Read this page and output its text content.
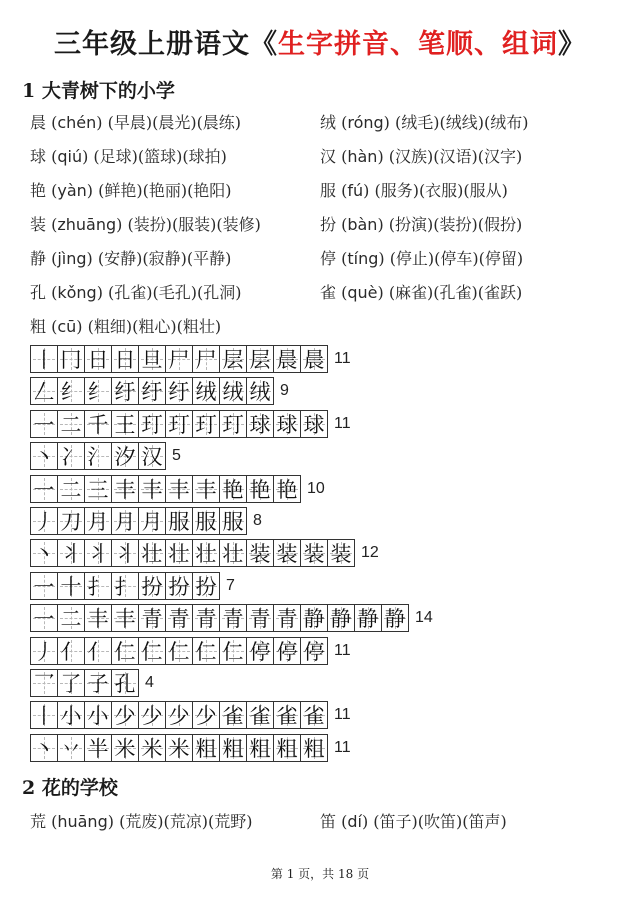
三年级上册语文《生字拼音、笔顺、组词》
1 大青树下的小学
晨 (chén) (早晨)(晨光)(晨练)	绒 (róng) (绒毛)(绒线)(绒布)
球 (qiú) (足球)(篮球)(球拍)	汉 (hàn) (汉族)(汉语)(汉字)
艳 (yàn) (鲜艳)(艳丽)(艳阳)	服 (fú) (服务)(衣服)(服从)
装 (zhuāng) (装扮)(服装)(装修)	扮 (bàn) (扮演)(装扮)(假扮)
静 (jìng) (安静)(寂静)(平静)	停 (tíng) (停止)(停车)(停留)
孔 (kǒng) (孔雀)(毛孔)(孔洞)	雀 (què) (麻雀)(孔雀)(雀跃)
粗 (cū) (粗细)(粗心)(粗壮)
丨 冂 日 日 旦 尸 尸 层 层 晨 晨 11
𠃋 纟 纟 纡 纡 纡 绒 绒 绒 9
一 二 千 王 玎 玎 玎 玎 球 球 球 11
丶 冫 氵 汐 汉 5
一 二 三 丰 丰 丰 丰 艳 艳 艳 10
丿 刀 月 月 月 服 服 服 8
丶 丬 丬 丬 壮 壮 壮 壮 装 装 装 装 12
一 十 扌 扌 扮 扮 扮 7
一 二 丰 丰 青 青 青 青 青 青 静 静 静 静 14
丿 亻 亻 仁 仁 仁 仁 仁 停 停 停 11
乛 了 子 孔 4
丨 小 小 少 少 少 少 雀 雀 雀 雀 11
丶 丷 半 米 米 米 粗 粗 粗 粗 粗 11
2 花的学校
荒 (huāng) (荒废)(荒凉)(荒野)	笛 (dí) (笛子)(吹笛)(笛声)
第 1 页，共 18 页
